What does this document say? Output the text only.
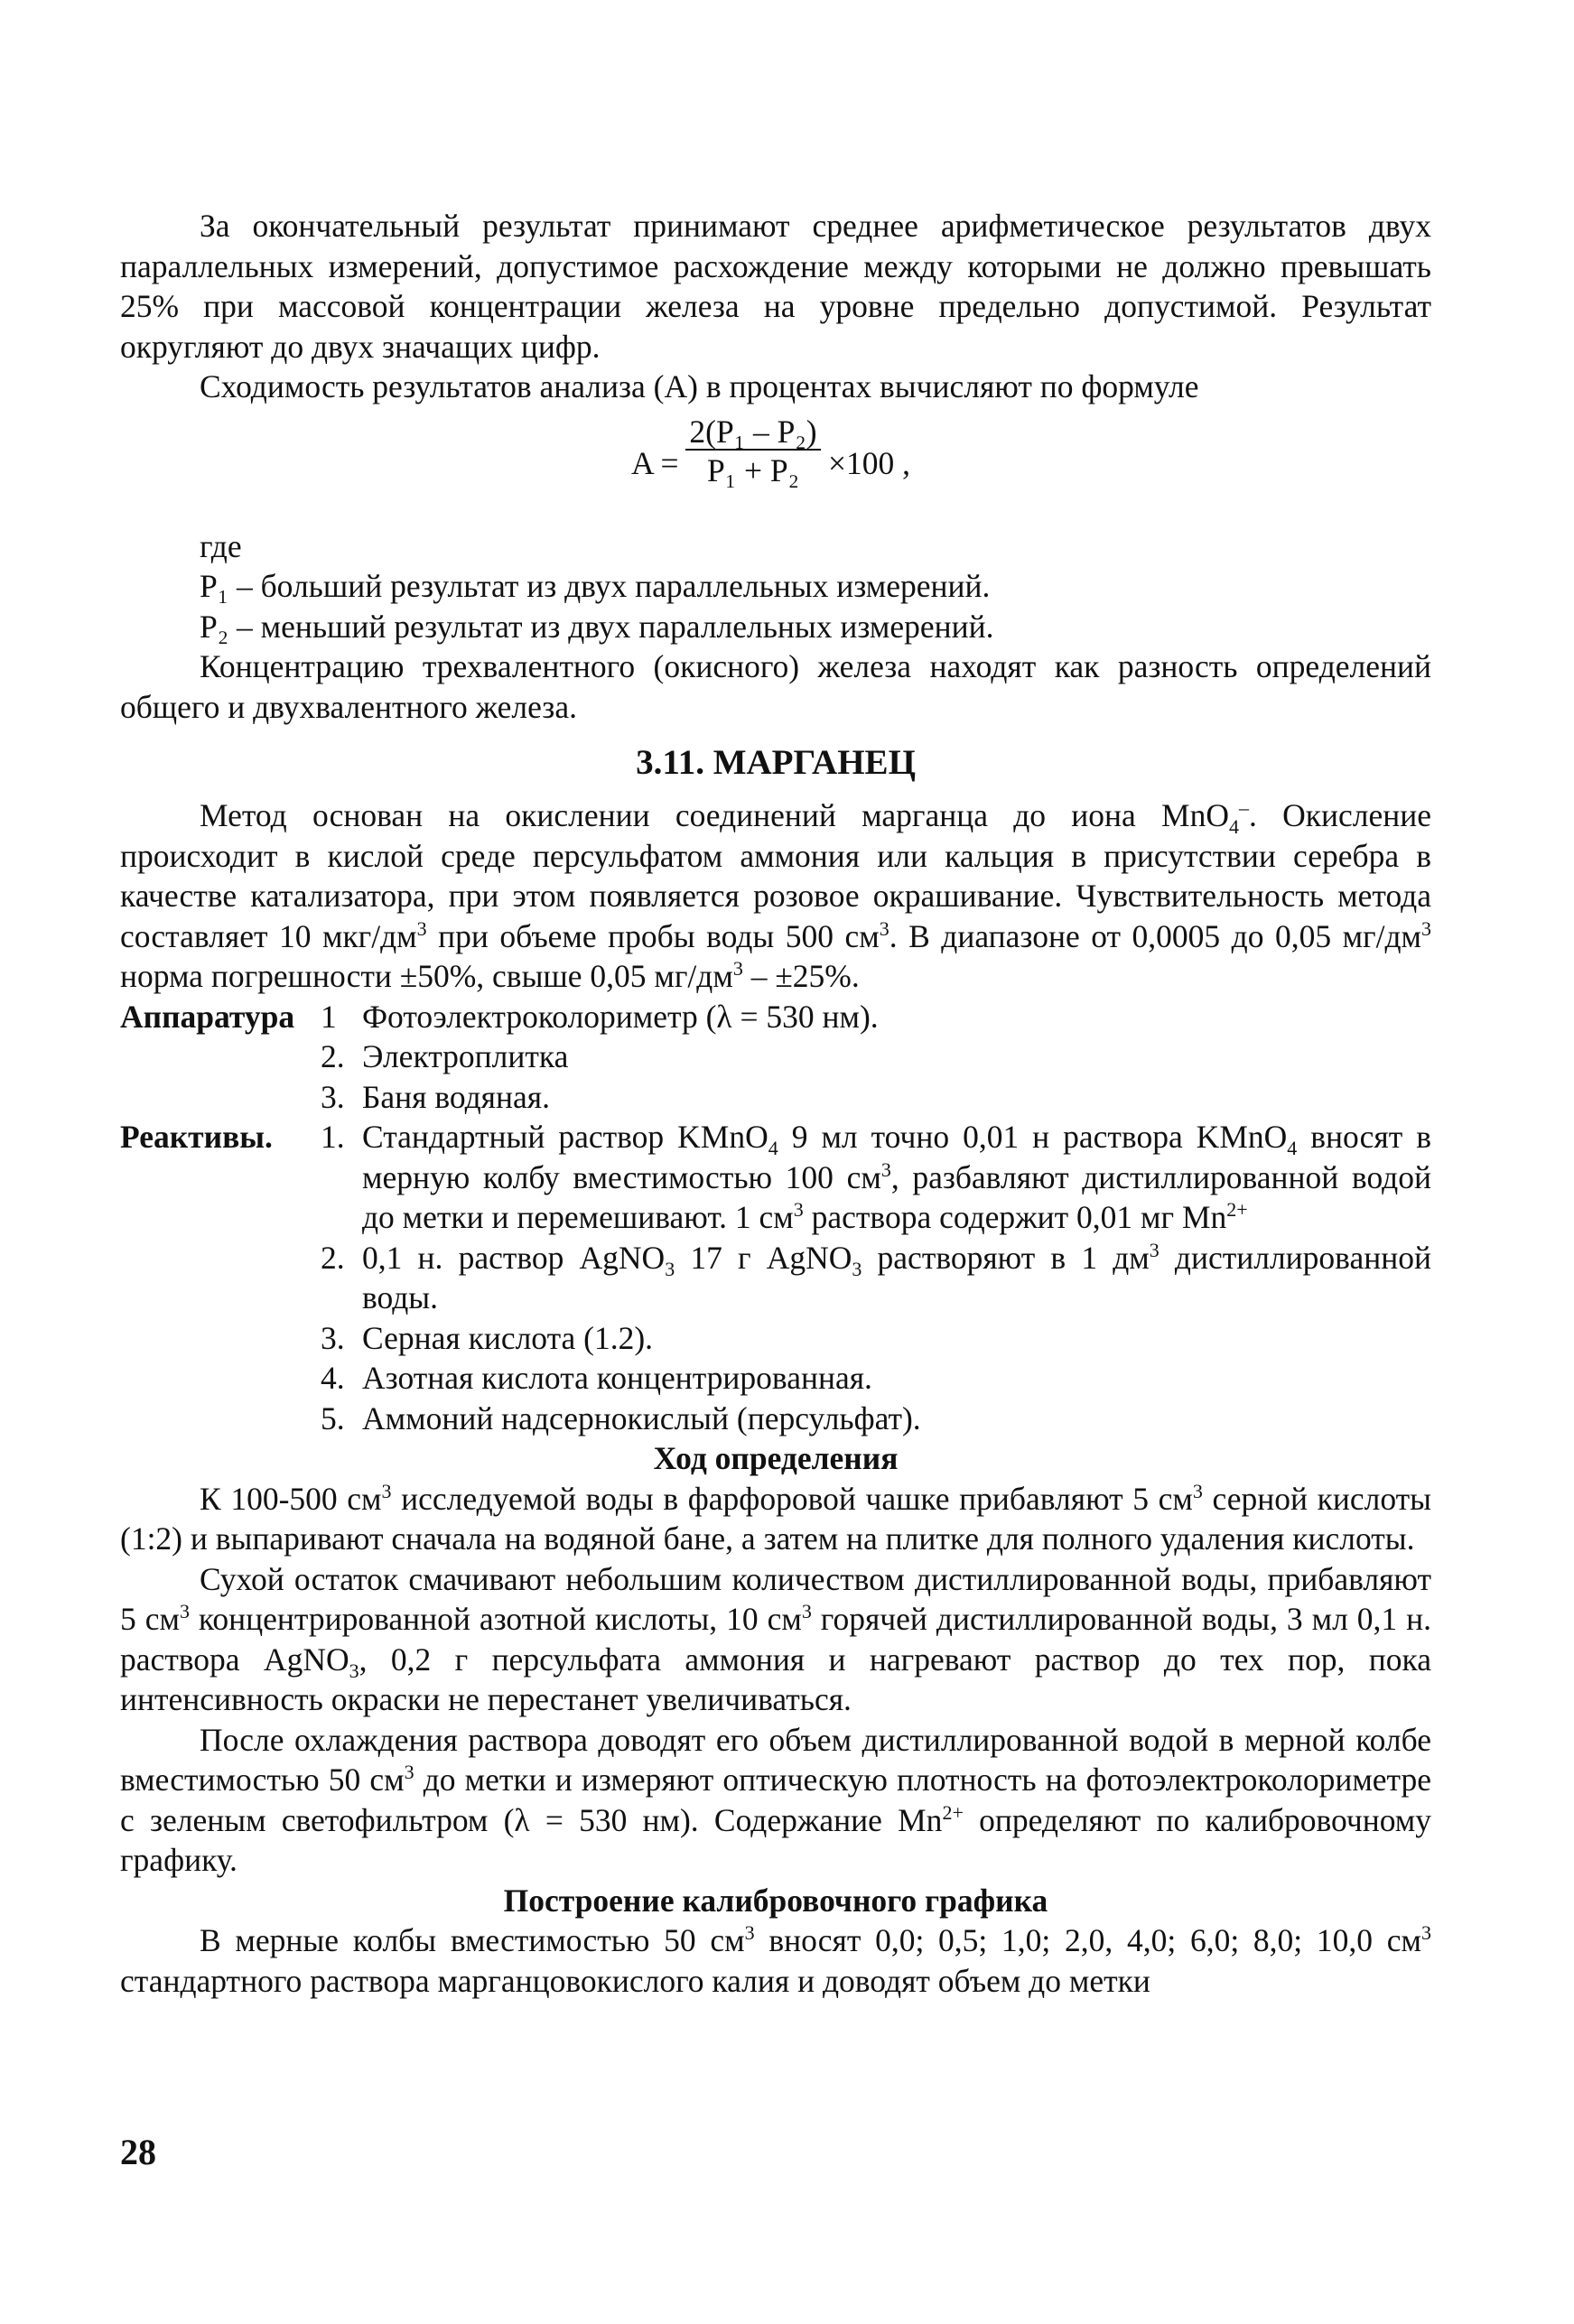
За окончательный результат принимают среднее арифметическое результатов двух параллельных измерений, допустимое расхождение между которыми не должно превышать 25% при массовой концентрации железа на уровне предельно допустимой. Результат округляют до двух значащих цифр.

Сходимость результатов анализа (А) в процентах вычисляют по формуле

A =
2(P₁ – P₂)
P₁ + P₂ ×100 ,

где

Р₁ – больший результат из двух параллельных измерений.

Р₂ – меньший результат из двух параллельных измерений.

Концентрацию трехвалентного (окисного) железа находят как разность определений общего и двухвалентного железа.

3.11. МАРГАНЕЦ

Метод основан на окислении соединений марганца до иона MnO$_4$–. Окисление происходит в кислой среде персульфатом аммония или кальция в присутствии серебра в качестве катализатора, при этом появляется розовое окрашивание. Чувствительность метода составляет 10 мкг/$дм^3$ при объеме пробы воды 500 $см^3$. В диапазоне от 0,0005 до 0,05 $мг/дм^3$ норма погрешности ±50%, свыше 0,05 $мг/дм^3 - \pm 25\%$.

Аппаратура 1 Фотоэлектроколориметр (λ = 530 нм).
2. Электроплитка
3. Баня водяная.
Реактивы.	1. Стандартный раствор KMnO$_4$ 9 мл точно 0,01 н раствора KMnO$_4$ вносят в мерную колбу вместимостью 100 $см^3$, разбавляют дистиллированной водой до метки и перемешивают. 1 $см^3$ раствора содержит 0,01 мг $Mn^{2+}$
2. 0,1 н. раствор AgNO$_3$ 17 г AgNO$_3$ растворяют в 1 $дм^3$ дистиллированной воды.
3. Серная кислота (1.2).
4. Азотная кислота концентрированная.
5. Аммоний надсернокислый (персульфат).
Ход определения

К 100-500 $см^3$ исследуемой воды в фарфоровой чашке прибавляют 5 $см^3$ серной кислоты (1:2) и выпаривают сначала на водяной бане, а затем на плитке для полного удаления кислоты.

Сухой остаток смачивают небольшим количеством дистиллированной воды, прибавляют 5 $см^3$ концентрированной азотной кислоты, 10 $см^3$ горячей дистиллированной воды, 3 мл 0,1 н. раствора AgNO$_3$, 0,2 г персульфата аммония и нагревают раствор до тех пор, пока интенсивность окраски не перестанет увеличиваться.

После охлаждения раствора доводят его объем дистиллированной водой в мерной колбе вместимостью 50 $см^3$ до метки и измеряют оптическую плотность на фотоэлектроколориметре с зеленым светофильтром (λ = 530 нм). Содержание $Mn^{2+}$ определяют по калибровочному графику.

Построение калибровочного графика

В мерные колбы вместимостью 50 $см^3$ вносят 0,0; 0,5; 1,0; 2,0, 4,0; 6,0; 8,0; 10,0 $см^3$ стандартного раствора марганцовокислого калия и доводят объем до метки

28
